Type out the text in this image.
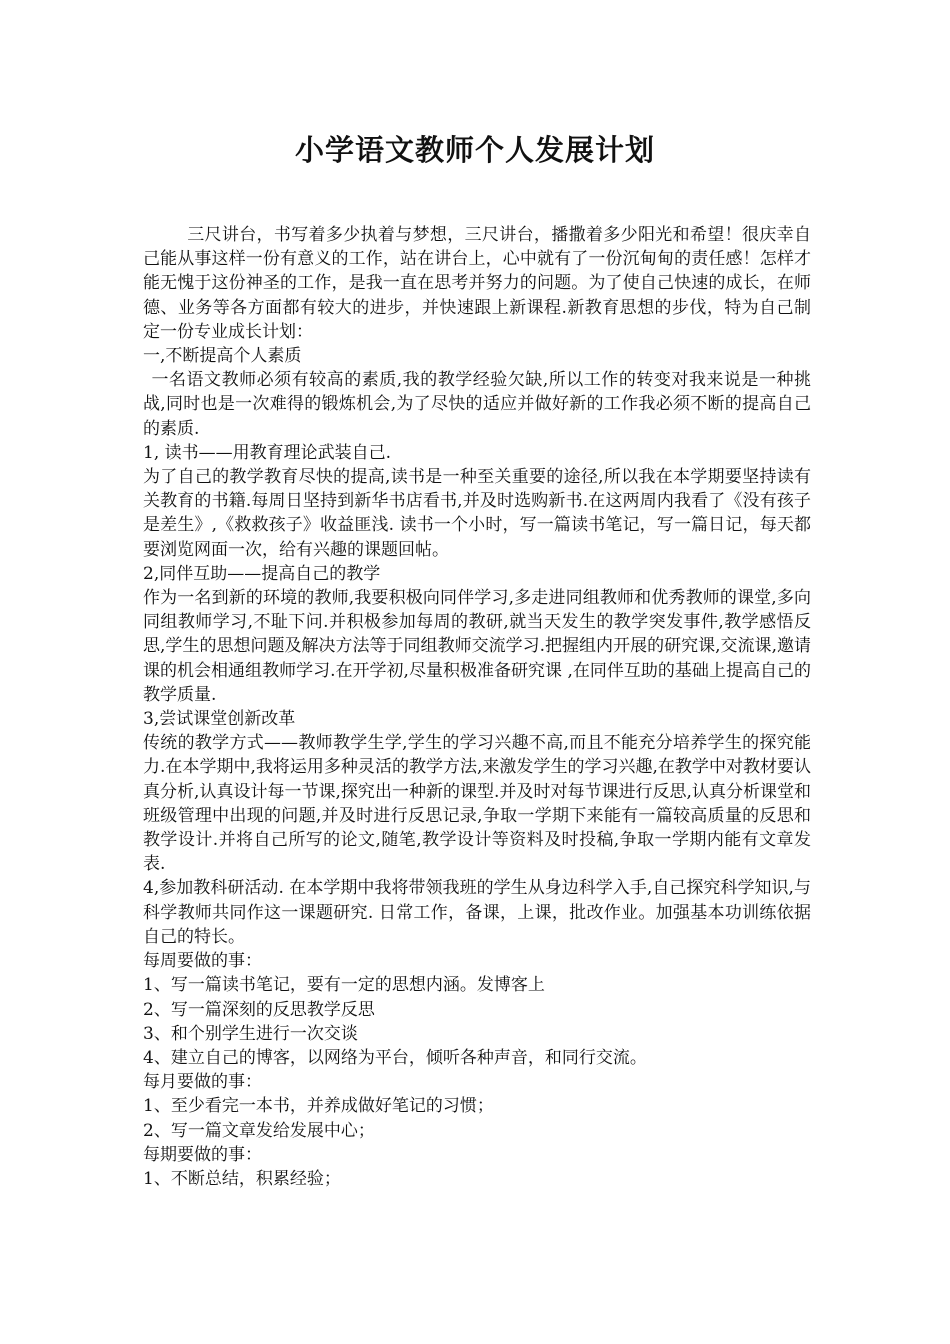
小学语文教师个人发展计划

三尺讲台，书写着多少执着与梦想，三尺讲台，播撒着多少阳光和希望！很庆幸自己能从事这样一份有意义的工作，站在讲台上，心中就有了一份沉甸甸的责任感！怎样才能无愧于这份神圣的工作，是我一直在思考并努力的问题。为了使自己快速的成长，在师德、业务等各方面都有较大的进步，并快速跟上新课程.新教育思想的步伐，特为自己制定一份专业成长计划：

一,不断提高个人素质

一名语文教师必须有较高的素质,我的教学经验欠缺,所以工作的转变对我来说是一种挑战,同时也是一次难得的锻炼机会,为了尽快的适应并做好新的工作我必须不断的提高自己的素质.

1, 读书——用教育理论武装自己.

为了自己的教学教育尽快的提高,读书是一种至关重要的途径,所以我在本学期要坚持读有关教育的书籍.每周日坚持到新华书店看书,并及时选购新书.在这两周内我看了《没有孩子是差生》,《救救孩子》收益匪浅. 读书一个小时，写一篇读书笔记，写一篇日记，每天都要浏览网面一次，给有兴趣的课题回帖。

2,同伴互助——提高自己的教学

作为一名到新的环境的教师,我要积极向同伴学习,多走进同组教师和优秀教师的课堂,多向同组教师学习,不耻下问.并积极参加每周的教研,就当天发生的教学突发事件,教学感悟反思,学生的思想问题及解决方法等于同组教师交流学习.把握组内开展的研究课,交流课,邀请课的机会相通组教师学习.在开学初,尽量积极准备研究课 ,在同伴互助的基础上提高自己的教学质量.

3,尝试课堂创新改革

传统的教学方式——教师教学生学,学生的学习兴趣不高,而且不能充分培养学生的探究能力.在本学期中,我将运用多种灵活的教学方法,来激发学生的学习兴趣,在教学中对教材要认真分析,认真设计每一节课,探究出一种新的课型.并及时对每节课进行反思,认真分析课堂和班级管理中出现的问题,并及时进行反思记录,争取一学期下来能有一篇较高质量的反思和教学设计.并将自己所写的论文,随笔,教学设计等资料及时投稿,争取一学期内能有文章发表.

4,参加教科研活动. 在本学期中我将带领我班的学生从身边科学入手,自己探究科学知识,与科学教师共同作这一课题研究. 日常工作，备课，上课，批改作业。加强基本功训练依据自己的特长。

每周要做的事：

1、写一篇读书笔记，要有一定的思想内涵。发博客上

2、写一篇深刻的反思教学反思

3、和个别学生进行一次交谈

4、建立自己的博客，以网络为平台，倾听各种声音，和同行交流。

每月要做的事：

1、至少看完一本书，并养成做好笔记的习惯；

2、写一篇文章发给发展中心；

每期要做的事：

1、不断总结，积累经验；
